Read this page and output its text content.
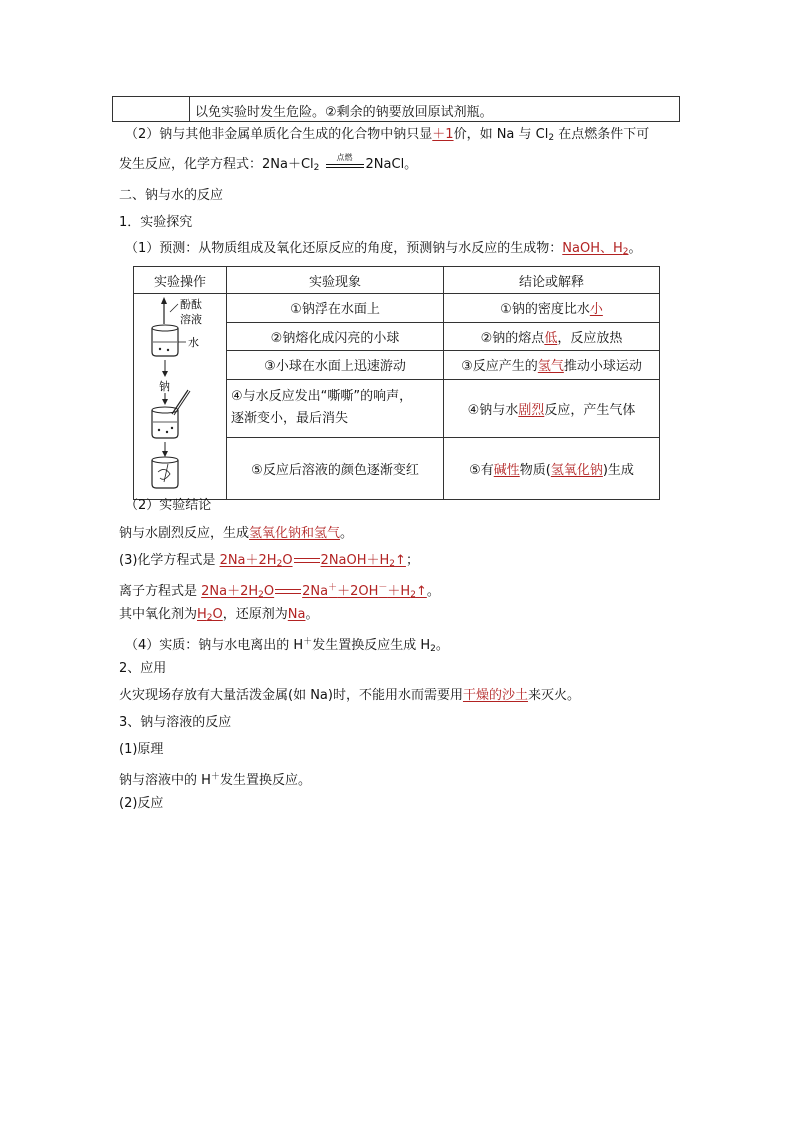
以免实验时发生危险。②剩余的钠要放回原试剂瓶。
（2）钠与其他非金属单质化合生成的化合物中钠只显＋1价，如 Na 与 $Cl_2$ 在点燃条件下可
发生反应，化学方程式：$2Na+Cl_2$
点燃	2NaCl。
二、钠与水的反应
1．实验探究
（1）预测：从物质组成及氧化还原反应的角度，预测钠与水反应的生成物：NaOH、$H_2$。
实验操作	实验现象	结论或解释

酚酞
溶液
水
钠	①钠浮在水面上	①钠的密度比水小
	②钠熔化成闪亮的小球	②钠的熔点低，反应放热
	③小球在水面上迅速游动	③反应产生的氢气推动小球运动
	④与水反应发出“嘶嘶”的响声，
逐渐变小，最后消失	④钠与水剧烈反应，产生气体
	⑤反应后溶液的颜色逐渐变红	⑤有碱性物质(氢氧化钠)生成
（2）实验结论
钠与水剧烈反应，生成氢氧化钠和氢气。
(3)化学方程式是 $2Na+2H_2O$ $2NaOH+H_2↑$；
离子方程式是 $2Na+2H_2O$ $2Na^++2OH^-+H_2↑$。
其中氧化剂为$H_2O$，还原剂为Na。
（4）实质：钠与水电离出的 H＋发生置换反应生成 $H_2$。
2、应用
火灾现场存放有大量活泼金属(如 Na)时，不能用水而需要用干燥的沙土来灭火。
3、钠与溶液的反应
(1)原理
钠与溶液中的 H＋发生置换反应。
(2)反应
